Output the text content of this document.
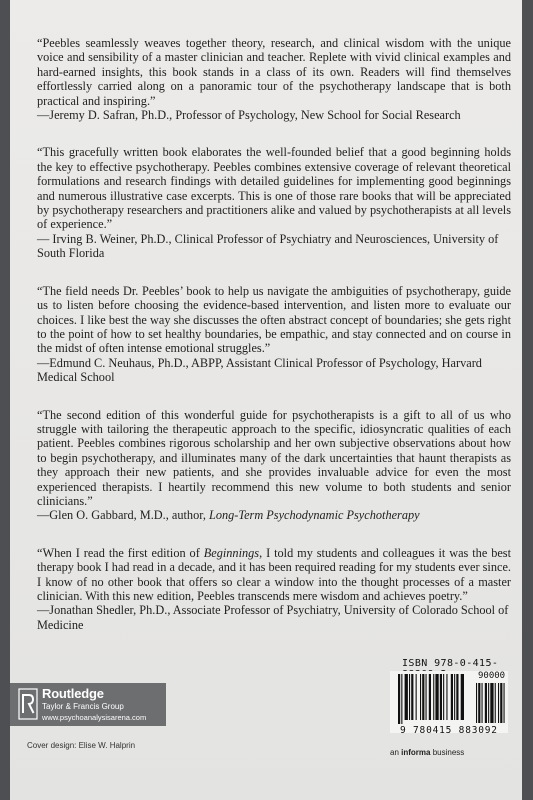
“Peebles seamlessly weaves together theory, research, and clinical wisdom with the unique voice and sensibility of a master clinician and teacher. Replete with vivid clinical examples and hard-earned insights, this book stands in a class of its own. Readers will find themselves effortlessly carried along on a panoramic tour of the psychotherapy landscape that is both practical and inspiring.”
—Jeremy D. Safran, Ph.D., Professor of Psychology, New School for Social Research

“This gracefully written book elaborates the well-founded belief that a good beginning holds the key to effective psychotherapy. Peebles combines extensive coverage of relevant theoretical formulations and research findings with detailed guidelines for implementing good beginnings and numerous illustrative case excerpts. This is one of those rare books that will be appreciated by psychotherapy researchers and practitioners alike and valued by psychotherapists at all levels of experience.”
— Irving B. Weiner, Ph.D., Clinical Professor of Psychiatry and Neurosciences, University of South Florida

“The field needs Dr. Peebles’ book to help us navigate the ambiguities of psychotherapy, guide us to listen before choosing the evidence-based intervention, and listen more to evaluate our choices. I like best the way she discusses the often abstract concept of boundaries; she gets right to the point of how to set healthy boundaries, be empathic, and stay connected and on course in the midst of often intense emotional struggles.”
—Edmund C. Neuhaus, Ph.D., ABPP, Assistant Clinical Professor of Psychology, Harvard Medical School

“The second edition of this wonderful guide for psychotherapists is a gift to all of us who struggle with tailoring the therapeutic approach to the specific, idiosyncratic qualities of each patient. Peebles combines rigorous scholarship and her own subjective observations about how to begin psychotherapy, and illuminates many of the dark uncertainties that haunt therapists as they approach their new patients, and she provides invaluable advice for even the most experienced therapists. I heartily recommend this new volume to both students and senior clinicians.”
—Glen O. Gabbard, M.D., author, Long-Term Psychodynamic Psychotherapy

“When I read the first edition of Beginnings, I told my students and colleagues it was the best therapy book I had read in a decade, and it has been required reading for my students ever since. I know of no other book that offers so clear a window into the thought processes of a master clinician. With this new edition, Peebles transcends mere wisdom and achieves poetry.”
—Jonathan Shedler, Ph.D., Associate Professor of Psychiatry, University of Colorado School of Medicine

Routledge
Taylor & Francis Group
www.psychoanalysisarena.com
Cover design: Elise W. Halprin
ISBN 978-0-415-
90000
9 780415 883092
an informa business
